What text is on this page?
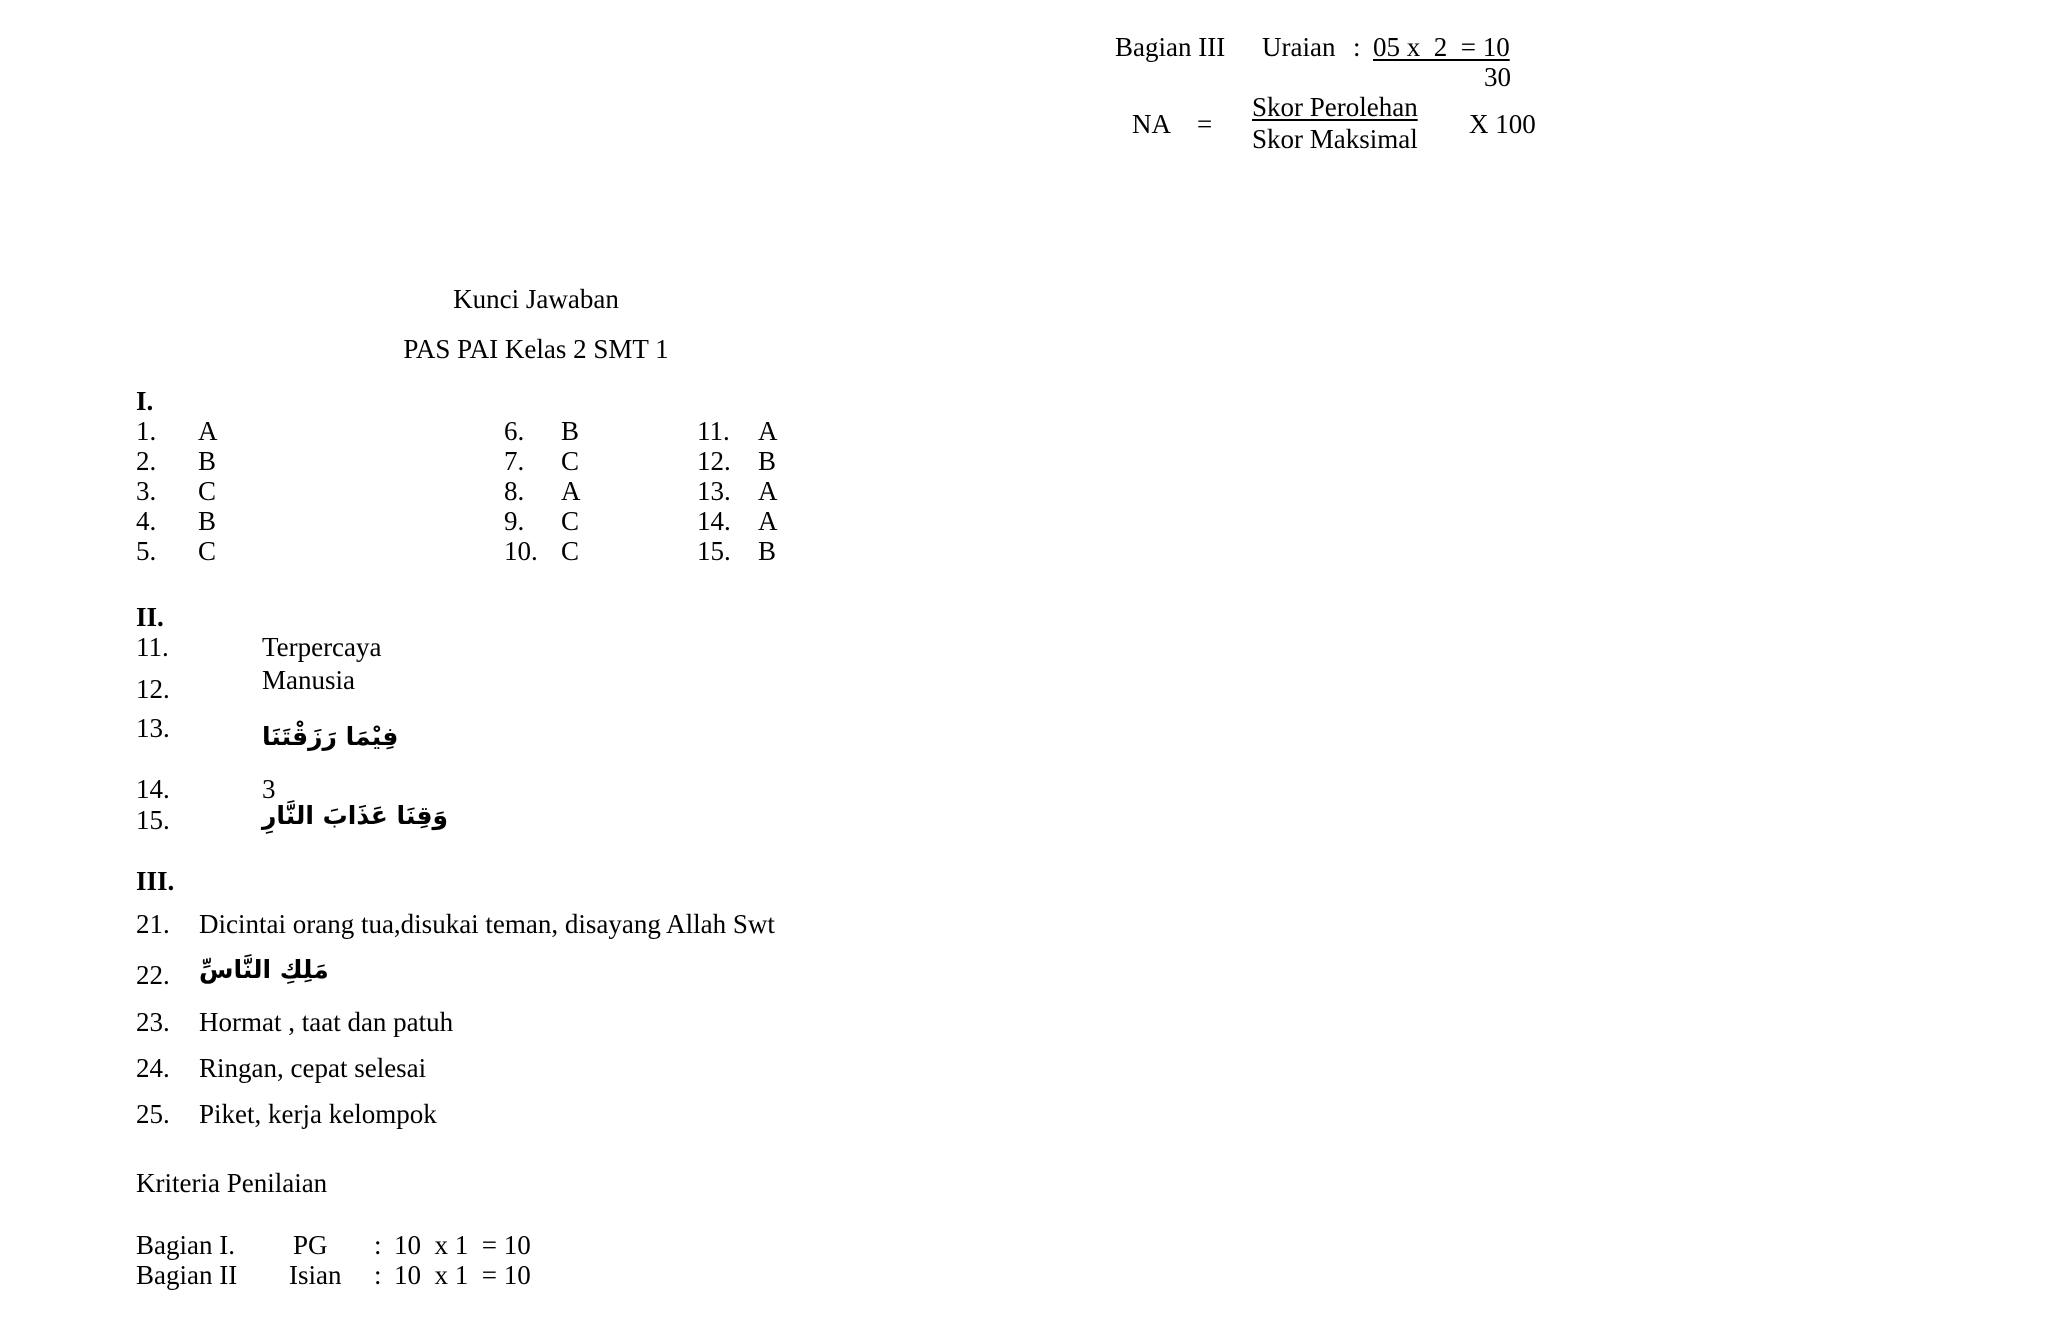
Bagian III Uraian : 05 x  2  = 10
30
NA =
Skor Perolehan
Skor Maksimal X 100
Kunci Jawaban
PAS PAI Kelas 2 SMT 1
I.
1. A
2. B
3. C
4. B
5. C
6. B
7. C
8. A
9. C
10. C
11. A
12. B
13. A
14. A
15. B
II.
11.	Terpercaya
12.	Manusia
13.	فِيْمَا رَزَقْتَنَا
14.	3
15.	وَقِنَا عَذَابَ النَّارِ
III.
21. Dicintai orang tua,disukai teman, disayang Allah Swt
22. مَلِكِ النَّاسِّ
23. Hormat , taat dan patuh
24. Ringan, cepat selesai
25. Piket, kerja kelompok
Kriteria Penilaian
Bagian I. PG : 10  x 1  = 10
Bagian II Isian : 10  x 1  = 10
